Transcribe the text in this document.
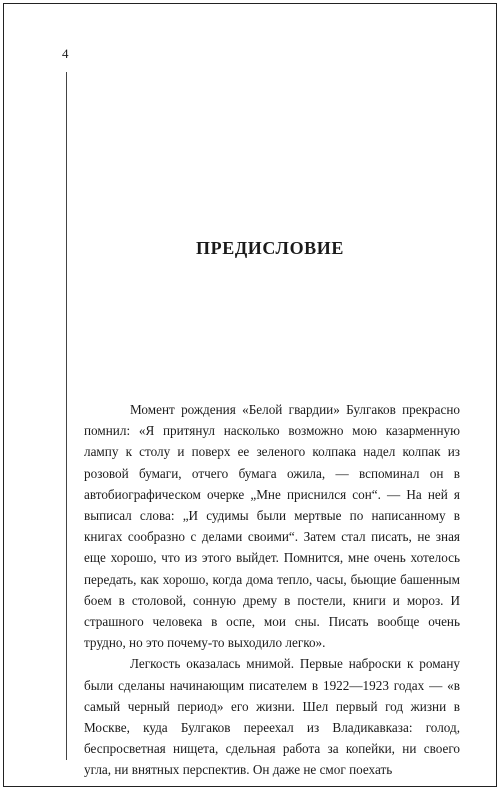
4
ПРЕДИСЛОВИЕ

Момент рождения «Белой гвардии» Булгаков прекрасно помнил: «Я притянул насколько возможно мою казарменную лампу к столу и поверх ее зеленого колпака надел колпак из розовой бумаги, отчего бумага ожила, — вспоминал он в автобиографическом очерке „Мне приснился сон“. — На ней я выписал слова: „И судимы были мертвые по написанному в книгах сообразно с делами своими“. Затем стал писать, не зная еще хорошо, что из этого выйдет. Помнится, мне очень хотелось передать, как хорошо, когда дома тепло, часы, бьющие башенным боем в столовой, сонную дрему в постели, книги и мороз. И страшного человека в оспе, мои сны. Писать вообще очень трудно, но это почему-то выходило легко».

Легкость оказалась мнимой. Первые наброски к роману были сделаны начинающим писателем в 1922—1923 годах — «в самый черный период» его жизни. Шел первый год жизни в Москве, куда Булгаков переехал из Владикавказа: голод, беспросветная нищета, сдельная работа за копейки, ни своего угла, ни внятных перспектив. Он даже не смог поехать
